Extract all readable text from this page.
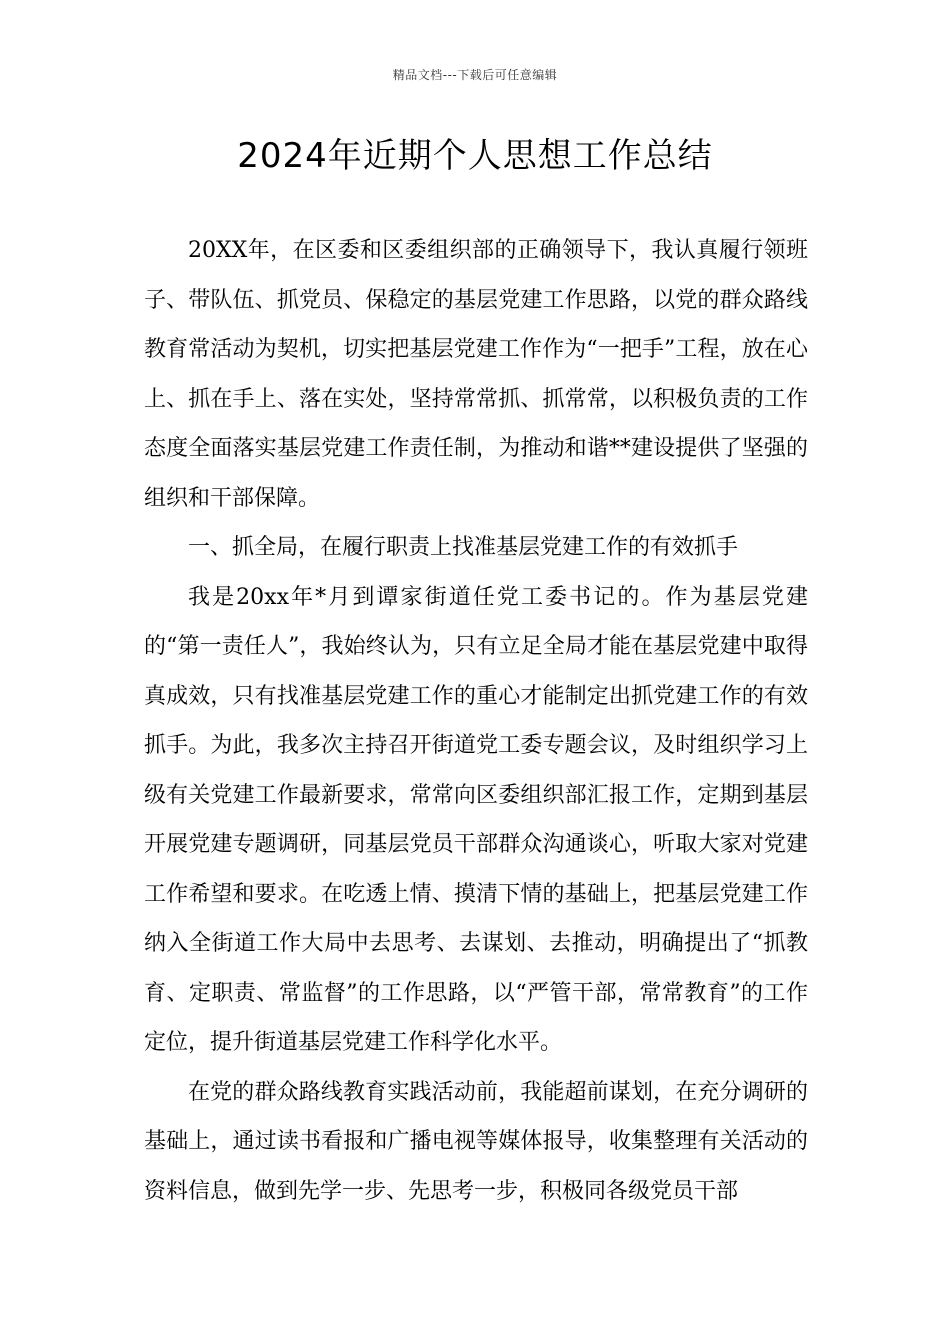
精品文档---下载后可任意编辑
2024年近期个人思想工作总结

20XX年，在区委和区委组织部的正确领导下，我认真履行领班子、带队伍、抓党员、保稳定的基层党建工作思路，以党的群众路线教育常活动为契机，切实把基层党建工作作为“一把手”工程，放在心上、抓在手上、落在实处，坚持常常抓、抓常常，以积极负责的工作态度全面落实基层党建工作责任制，为推动和谐**建设提供了坚强的组织和干部保障。

一、抓全局，在履行职责上找准基层党建工作的有效抓手

我是20xx年*月到谭家街道任党工委书记的。作为基层党建的“第一责任人”，我始终认为，只有立足全局才能在基层党建中取得真成效，只有找准基层党建工作的重心才能制定出抓党建工作的有效抓手。为此，我多次主持召开街道党工委专题会议，及时组织学习上级有关党建工作最新要求，常常向区委组织部汇报工作，定期到基层开展党建专题调研，同基层党员干部群众沟通谈心，听取大家对党建工作希望和要求。在吃透上情、摸清下情的基础上，把基层党建工作纳入全街道工作大局中去思考、去谋划、去推动，明确提出了“抓教育、定职责、常监督”的工作思路，以“严管干部，常常教育”的工作定位，提升街道基层党建工作科学化水平。

在党的群众路线教育实践活动前，我能超前谋划，在充分调研的基础上，通过读书看报和广播电视等媒体报导，收集整理有关活动的资料信息，做到先学一步、先思考一步，积极同各级党员干部
